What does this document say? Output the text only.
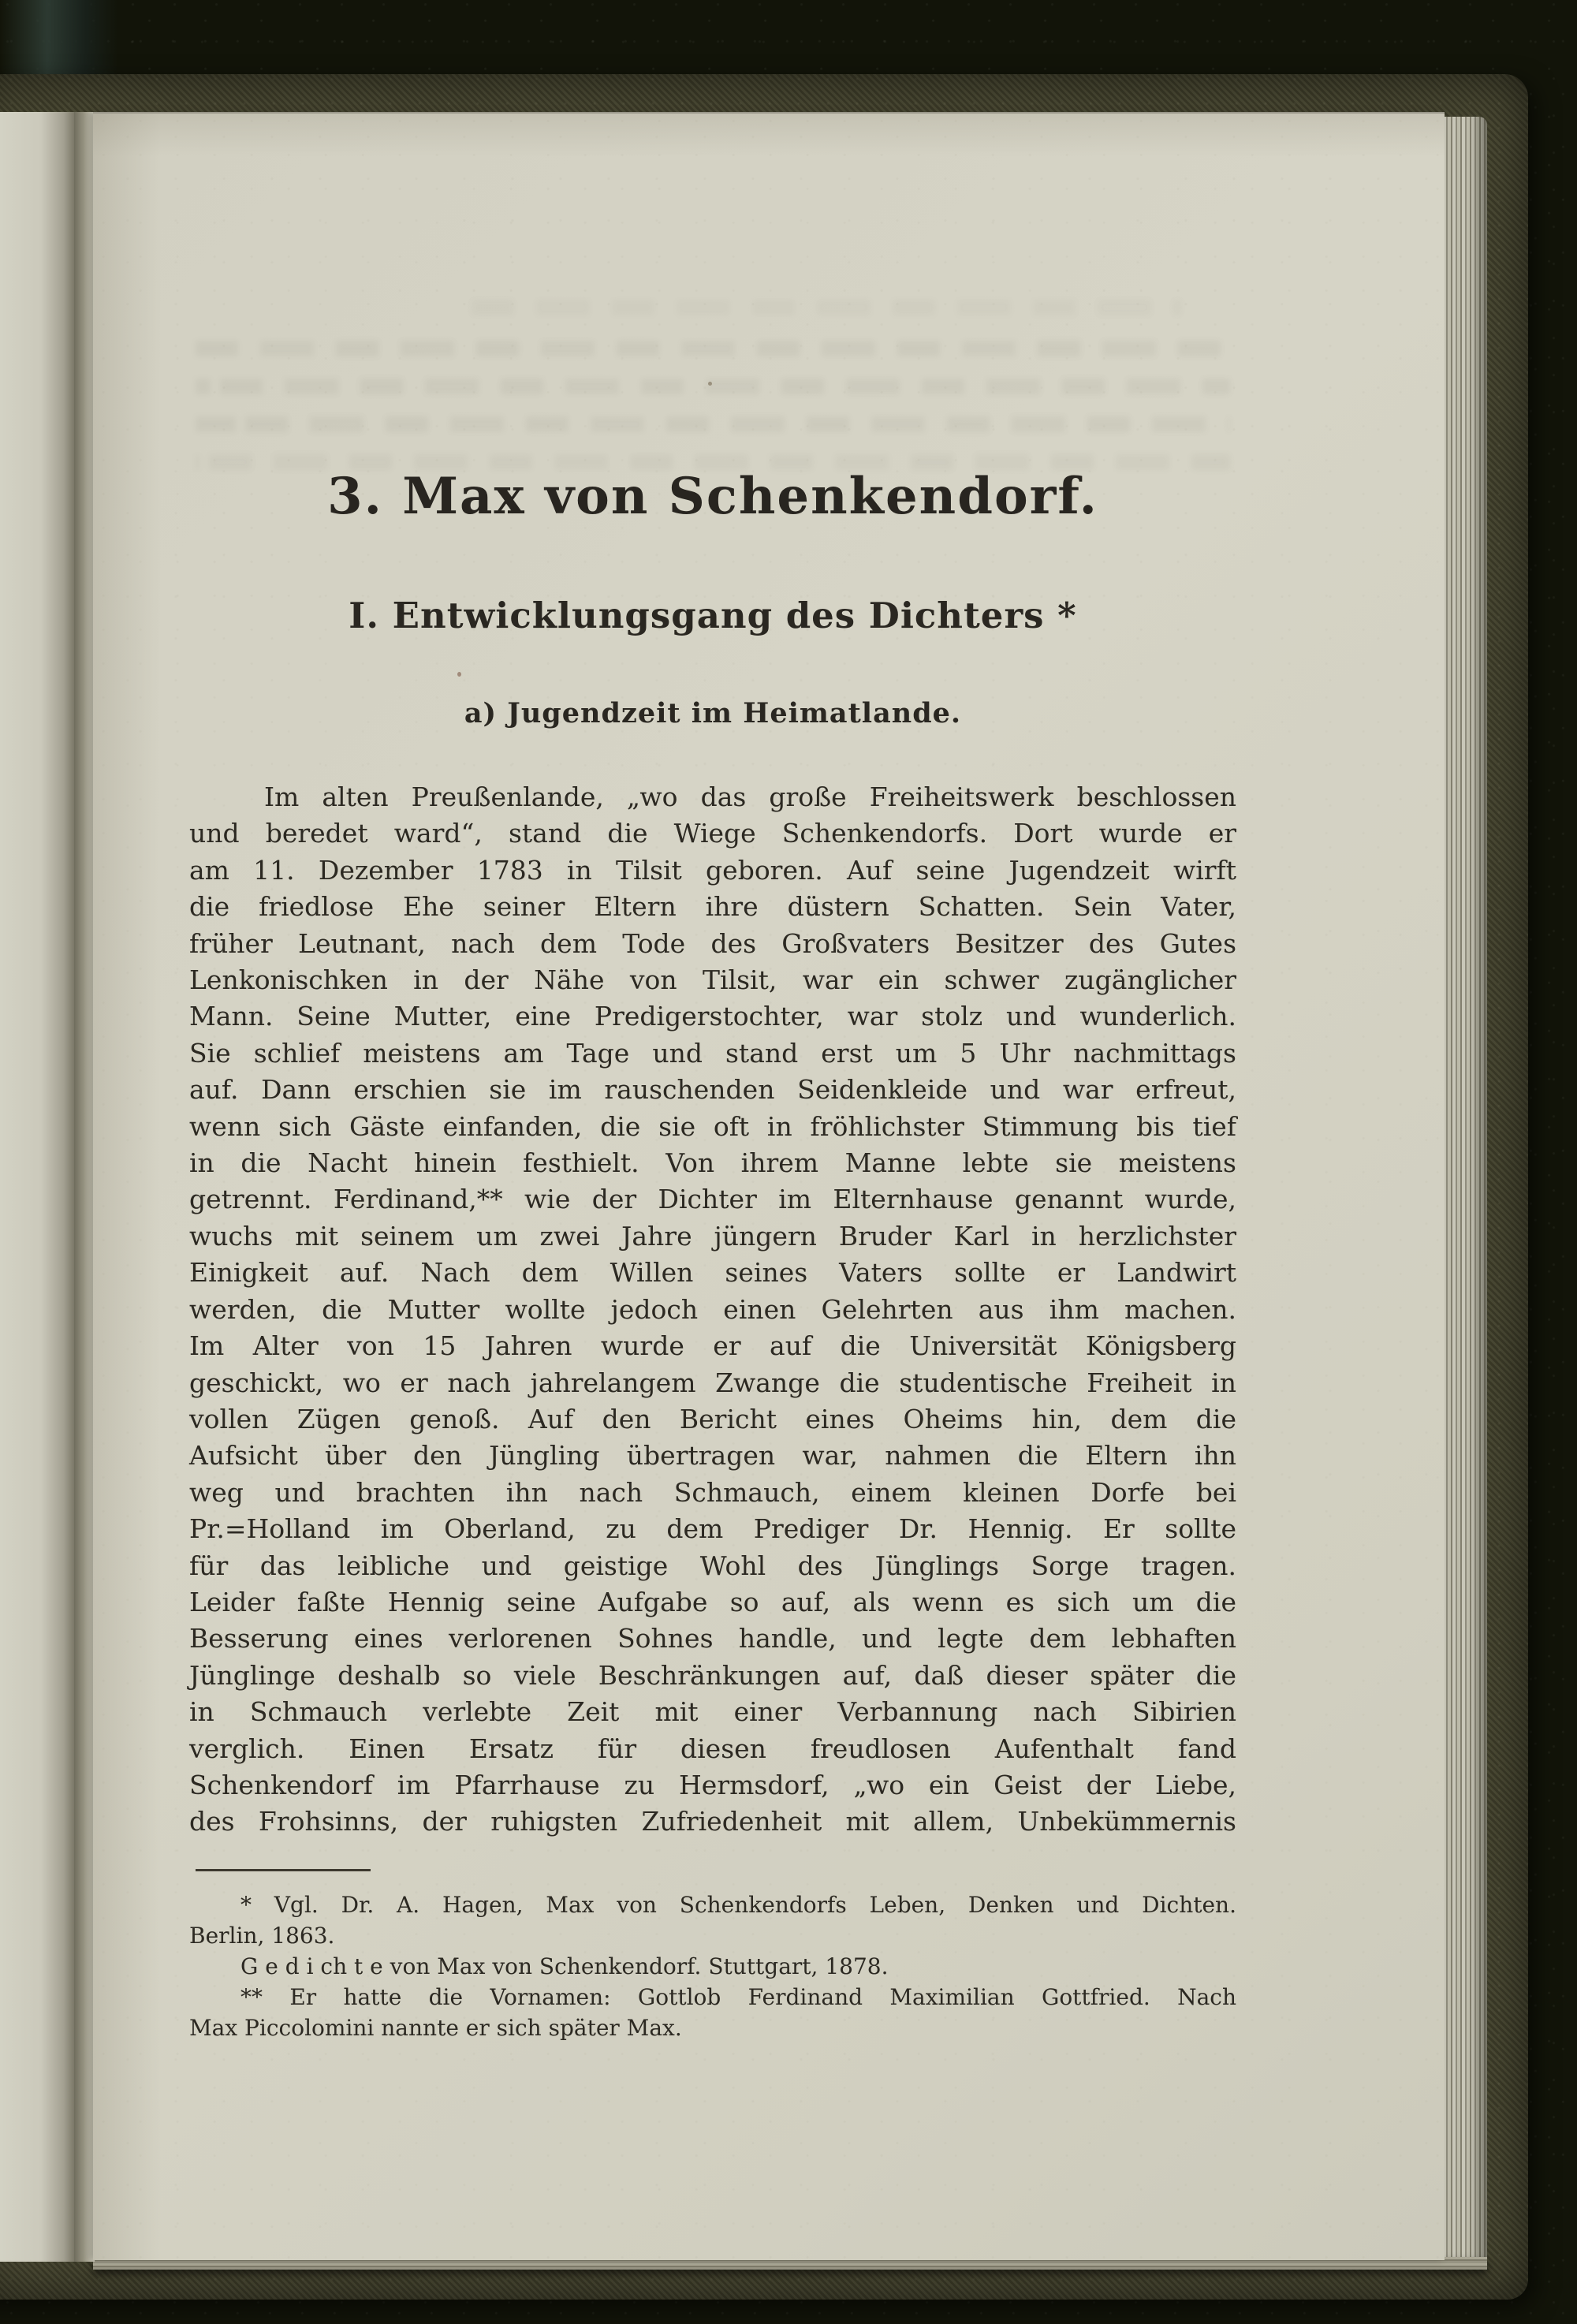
3. Max von Schenkendorf.
I. Entwicklungsgang des Dichters *
a) Jugendzeit im Heimatlande.
Im alten Preußenlande, „wo das große Freiheitswerk beschlossen
und beredet ward“, stand die Wiege Schenkendorfs. Dort wurde er
am 11. Dezember 1783 in Tilsit geboren. Auf seine Jugendzeit wirft
die friedlose Ehe seiner Eltern ihre düstern Schatten. Sein Vater,
früher Leutnant, nach dem Tode des Großvaters Besitzer des Gutes
Lenkonischken in der Nähe von Tilsit, war ein schwer zugänglicher
Mann. Seine Mutter, eine Predigerstochter, war stolz und wunderlich.
Sie schlief meistens am Tage und stand erst um 5 Uhr nachmittags
auf. Dann erschien sie im rauschenden Seidenkleide und war erfreut,
wenn sich Gäste einfanden, die sie oft in fröhlichster Stimmung bis tief
in die Nacht hinein festhielt. Von ihrem Manne lebte sie meistens
getrennt. Ferdinand,** wie der Dichter im Elternhause genannt wurde,
wuchs mit seinem um zwei Jahre jüngern Bruder Karl in herzlichster
Einigkeit auf. Nach dem Willen seines Vaters sollte er Landwirt
werden, die Mutter wollte jedoch einen Gelehrten aus ihm machen.
Im Alter von 15 Jahren wurde er auf die Universität Königsberg
geschickt, wo er nach jahrelangem Zwange die studentische Freiheit in
vollen Zügen genoß. Auf den Bericht eines Oheims hin, dem die
Aufsicht über den Jüngling übertragen war, nahmen die Eltern ihn
weg und brachten ihn nach Schmauch, einem kleinen Dorfe bei
Pr.=Holland im Oberland, zu dem Prediger Dr. Hennig. Er sollte
für das leibliche und geistige Wohl des Jünglings Sorge tragen.
Leider faßte Hennig seine Aufgabe so auf, als wenn es sich um die
Besserung eines verlorenen Sohnes handle, und legte dem lebhaften
Jünglinge deshalb so viele Beschränkungen auf, daß dieser später die
in Schmauch verlebte Zeit mit einer Verbannung nach Sibirien
verglich. Einen Ersatz für diesen freudlosen Aufenthalt fand
Schenkendorf im Pfarrhause zu Hermsdorf, „wo ein Geist der Liebe,
des Frohsinns, der ruhigsten Zufriedenheit mit allem, Unbekümmernis
* Vgl. Dr. A. Hagen, Max von Schenkendorfs Leben, Denken und Dichten.
Berlin, 1863.
G e d i ch t e von Max von Schenkendorf. Stuttgart, 1878.
** Er hatte die Vornamen: Gottlob Ferdinand Maximilian Gottfried. Nach
Max Piccolomini nannte er sich später Max.
